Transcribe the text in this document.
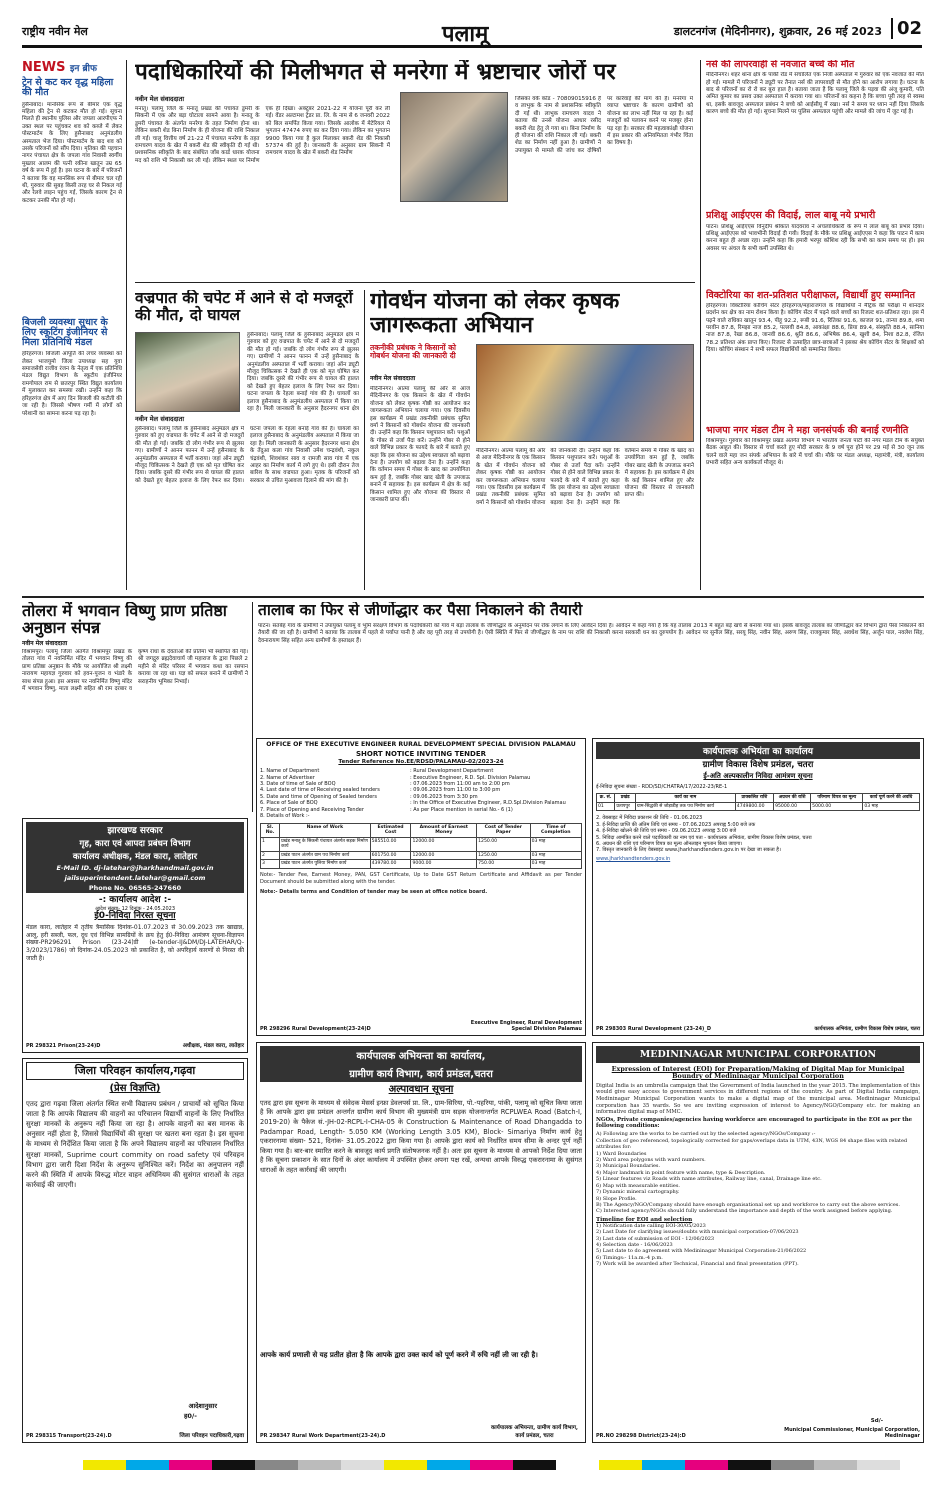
राष्ट्रीय नवीन मेल	पलामू	डालटनगंज (मेदिनीनगर), शुक्रवार, 26 मई 2023 02
NEWS इन ब्रीफ
ट्रेन से कट कर वृद्ध महिला की मौत
हुसैनाबाद। मानसिक रूप से बीमार एक वृद्ध महिला की ट्रेन से कटकर मौत हो गई। सूचना मिलते ही स्थानीय पुलिस और जपला आरपीएफ ने उक्त स्थल पर पहुंचकर शव को कब्जे में लेकर पोस्टमार्टम के लिए हुसैनाबाद अनुमंडलीय अस्पताल भेज दिया। पोस्टमार्टम के बाद शव को उसके परिजनों को सौंप दिया। मृतिका की पहचान नागर पंचायत क्षेत्र के जपला गांव निवासी स्वर्गीय मुख्तार आलम की पत्नी रकीना खातून उम्र 65 वर्ष के रूप में हुई है। इस घटना के बारे में परिजनों ने बताया कि वह मानसिक रूप से बीमार चल रही थी, गुरुवार की सुबह किसी तरह घर से निकल गई और रेलवे लाइन पहुंच गई, जिसके कारण ट्रेन से कटकर उनकी मौत हो गई।
बिजली व्यवस्था सुधार के लिए स्कूटिंग इंजीनियर से मिला प्रतिनिधि मंडल
हरिहरगंज। बिजली आपूर्ति की लचर व्यवस्था को लेकर भाजयुमो जिला उपाध्यक्ष सह युवा समाजसेवी राजीव रंजन के नेतृत्व में एक प्रतिनिधि मंडल विद्युत विभाग के स्कूटीय इंजीनियर रामगोपाल राम से छतरपुर स्थित विद्युत कार्यालय में मुलाकात कर समस्या रखी। उन्होंने कहा कि हरिहरगंज क्षेत्र में आए दिन बिजली की कटौती की जा रही है। जिससे भीषण गर्मी में लोगों को परेशानी का सामना करना पड़ रहा है।
पदाधिकारियों की मिलीभगत से मनरेगा में भ्रष्टाचार जोरों पर
नवीन मेल संवाददाता
मनातू। पलामू जिले के मनातू प्रखंड की पंचायत डुमरी के सिकनी में एक और बड़ा घोटाला सामने आया है। मनातू के डुमरी पंचायत के अंतर्गत मनरेगा के तहत निर्माण होना था। लेकिन बकरी शेड बिना निर्माण के ही योजना की राशि निकाल ली गई। चालू वित्तीय वर्ष 21-22 में पंचायत मनरेगा के तहत रामचरण यादव के खेत में बकरी शेड की स्वीकृति दी गई थी। प्रशासनिक स्वीकृति के बाद संबंधित जॉब कार्ड धारक योजना मद को राशि भी निकासी कर ली गई। लेकिन स्थल पर निर्माण एक ही दिखा। अक्टूबर 2021-22 में योजना पूरी कर ली गई। वेंडर अल्टामश ट्रेडर प्रा. लि. के नाम से 6 जनवरी 2022 को बिल समर्पित किया गया। जिसके आलोक में मेटेरियल मे भुगतान 47474 रुपए का कर दिया गया। लेकिन का भुगतान 9900 किया गया है कुल मिलाकर बकरी शेड की निकासी 57374 की हुई है। जानकारी के अनुसार ग्राम सिकनी में रामचरण यादव के खेत में बकरी शेड निर्माण
जिसका वर्क कोड - 70809015916 है व लाभुक के नाम से प्रशासनिक स्वीकृति दी गई थी। लाभुक रामचरण यादव ने बताया की उनसे योजना आधार रसीद बकरी शेड हेतु ले गया था। बिना निर्माण के ही योजना की राशि निकाल ली गई। बकरी शेड का निर्माण नहीं हुआ है। ग्रामीणों ने उपायुक्त से मामले की जांच कर दोषियों पर कार्रवाई की मांग की है। मनरेगा में व्याप्त भ्रष्टाचार के कारण ग्रामीणों को योजना का लाभ नहीं मिल पा रहा है। कई मजदूरों को पलायन करने पर मजबूर होना पड़ रहा है। सरकार की महत्वाकांक्षी योजना में इस प्रकार की अनियमितता गंभीर चिंता का विषय है।
नर्स की लापरवाही से नवजात बच्चे की मौत
मेदिनीनगर। शहर थाना क्षेत्र के पांकी रोड में संचालित एक निजी अस्पताल में गुरुवार को एक नवजात की मौत हो गई। मामले में परिजनों ने ड्यूटी पर तैनात नर्स की लापरवाही से मौत होने का आरोप लगाया है। घटना के बाद से परिजनों का रो रो कर बुरा हाल है। बताया जाता है कि पलामू जिले के पड़वा की अंजू कुमारी, पति अमित कुमार का प्रसव उक्त अस्पताल में कराया गया था। परिजनों का कहना है कि बच्चा पूरी तरह से स्वस्थ था, इसके बावजूद अस्पताल प्रबंधन ने बच्चे को आईसीयू में रखा। नर्स ने समय पर ध्यान नहीं दिया जिसके कारण बच्चे की मौत हो गई। सूचना मिलने पर पुलिस अस्पताल पहुंची और मामले की जांच में जुट गई है।
प्रशिक्षु आईएएस की विदाई, लाल बाबू नये प्रभारी
पाटन। प्रशिक्षु आईएएस विनुदीप श्रीकांत यादवराव ने अंचलाधिकारी के रूप में लाल बाबू को प्रभार दिया। प्रशिक्षु आईएएस को भावभीनी विदाई दी गयी। विदाई के मौके पर प्रशिक्षु आईएएस ने कहा कि पाटन में काम करना बहुत ही अच्छा रहा। उन्होंने कहा कि हमारी भरपूर कोशिश रही कि सभी का काम समय पर हो। इस अवसर पर अंचल के सभी कर्मी उपस्थित थे।
विक्टोरिया का शत-प्रतिशत परीक्षाफल, विद्यार्थी हुए सम्मानित
हरिहरगंज। विक्टोरिया कोचिंग सेंटर हरिहरगंज/महाराजगंज के विद्यार्थियों ने मैट्रिक की परीक्षा में शानदार प्रदर्शन कर क्षेत्र का नाम रोशन किया है। कोचिंग सेंटर में पढ़ने वाले बच्चों का रिजल्ट शत-प्रतिशत रहा। इस में पढ़ने वाले राधिका खातून 93.4, पीहू 92.2, रूबी 91.6, रितिका 91.6, काजल 91, तान्या 89.8, शमा परवीन 87.8, रिमझा नाज 85.2, पल्लवी 84.8, आकांक्षा 88.6, प्रिया 89.4, संस्कृति 88.4, सानिया नाज 87.8, रेखा 86.8, जानवी 86.6, श्रुति 86.6, अभिषेक 86.4, खुशी 84, निशा 82.8, रंजित 78.2 प्रतिशत अंक प्राप्त किए। रिजल्ट से उत्साहित छात्र-छात्राओं ने इसका श्रेय कोचिंग सेंटर के शिक्षकों को दिया। कोचिंग संस्थान ने सभी सफल विद्यार्थियों को सम्मानित किया।
भाजपा नगर मंडल टीम ने महा जनसंपर्क की बनाई रणनीति
विश्रामपुर। गुरुवार को विश्रामपुर प्रखंड अंतर्गत विभाग में भारतीय जनता पार्टी की नगर मंडल टीम के संयुक्त बैठक आहूत की। विस्तार से चर्चा करते हुए मोदी सरकार के 9 वर्ष पूरा होने पर 29 मई से 30 जून तक चलने वाले महा जन संपर्क अभियान के बारे में चर्चा की। मौके पर मंडल अध्यक्ष, महामंत्री, मंत्री, कार्यालय प्रभारी सहित अन्य कार्यकर्ता मौजूद थे।
वज्रपात की चपेट में आने से दो मजदूरों की मौत, दो घायल
हुसैनाबाद। पलामू जिले के हुसैनाबाद अनुमंडल क्षेत्र में गुरुवार को हुए वज्रपात के चपेट में आने से दो मजदूरों की मौत हो गई। जबकि दो लोग गंभीर रूप से झुलस गए। ग्रामीणों ने आनन फानन में उन्हें हुसैनाबाद के अनुमंडलीय अस्पताल में भर्ती कराया। जहां ऑन ड्यूटी मौजूद चिकित्सक ने देखते ही एक को मृत घोषित कर दिया। जबकि दूसरे की गंभीर रूप से घायल की हालत को देखते हुए बेहतर इलाज के लिए रेफर कर दिया। घटना जपला के रेहला बनाई गांव की है। घायलों का इलाज हुसैनाबाद के अनुमंडलीय अस्पताल में किया जा रहा है। मिली जानकारी के अनुसार हैदरनगर थाना क्षेत्र
नवीन मेल संवाददाता
हुसैनाबाद। पलामू जिले के हुसैनाबाद अनुमंडल क्षेत्र में गुरुवार को हुए वज्रपात के चपेट में आने से दो मजदूरों की मौत हो गई। जबकि दो लोग गंभीर रूप से झुलस गए। ग्रामीणों ने आनन फानन में उन्हें हुसैनाबाद के अनुमंडलीय अस्पताल में भर्ती कराया। जहां ऑन ड्यूटी मौजूद चिकित्सक ने देखते ही एक को मृत घोषित कर दिया। जबकि दूसरे की गंभीर रूप से घायल की हालत को देखते हुए बेहतर इलाज के लिए रेफर कर दिया। घटना जपला के रेहला बनाई गांव की है। घायलों का इलाज हुसैनाबाद के अनुमंडलीय अस्पताल में किया जा रहा है। मिली जानकारी के अनुसार हैदरनगर थाना क्षेत्र के तेंदुआ कला गांव निवासी उमेश चन्द्रवंशी, नकुल चंद्रवंशी, शिवशंकर साव व रामजी साव गांव में एक आहर का निर्माण कार्य में लगे हुए थे। इसी दौरान तेज बारिश के साथ वज्रपात हुआ। मृतक के परिजनों को सरकार से उचित मुआवजा दिलाने की मांग की है।
गोवर्धन योजना को लेकर कृषक जागरूकता अभियान
तकनीकी प्रबंधक ने किसानों को गोबर्धन योजना की जानकारी दी
नवीन मेल संवाददाता
मेदिनीनगर। आत्मा पलामू की ओर से आज मेदिनीनगर के एक किसान के खेत में गोवर्धन योजना को लेकर कृषक गोष्ठी का आयोजन कर जागरूकता अभियान चलाया गया। एक दिवसीय इस कार्यक्रम में प्रखंड तकनीकी प्रबंधक सुमित वर्मा ने किसानों को गोबर्धन योजना की जानकारी दी। उन्होंने कहा कि किसान पशुपालन करें। पशुओं के गोबर से उर्जा पैदा करें। उन्होंने गोबर से होने वाले विभिन्न प्रकार के फायदे के बारे में बताते हुए कहा कि इस योजना का उद्देश्य स्वच्छता को बढ़ावा देना है। उपयोग को बढ़ावा देना है। उन्होंने कहा कि वर्तमान समय में गोबर के खाद का उपयोगिता कम हुई है, जबकि गोबर खाद खेती के उपजाऊ बनाने में सहायक है। इस कार्यक्रम में क्षेत्र के कई किसान शामिल हुए और योजना की विस्तार से जानकारी प्राप्त की।
मेदिनीनगर। आत्मा पलामू की ओर से आज मेदिनीनगर के एक किसान के खेत में गोवर्धन योजना को लेकर कृषक गोष्ठी का आयोजन कर जागरूकता अभियान चलाया गया। एक दिवसीय इस कार्यक्रम में प्रखंड तकनीकी प्रबंधक सुमित वर्मा ने किसानों को गोबर्धन योजना की जानकारी दी। उन्होंने कहा कि किसान पशुपालन करें। पशुओं के गोबर से उर्जा पैदा करें। उन्होंने गोबर से होने वाले विभिन्न प्रकार के फायदे के बारे में बताते हुए कहा कि इस योजना का उद्देश्य स्वच्छता को बढ़ावा देना है। उपयोग को बढ़ावा देना है। उन्होंने कहा कि वर्तमान समय में गोबर के खाद का उपयोगिता कम हुई है, जबकि गोबर खाद खेती के उपजाऊ बनाने में सहायक है। इस कार्यक्रम में क्षेत्र के कई किसान शामिल हुए और योजना की विस्तार से जानकारी प्राप्त की।
तोलरा में भगवान विष्णु प्राण प्रतिष्ठा अनुष्ठान संपन्न
नवीन मेल संवाददाता
विश्रामपुर। पलामू जिला अंतर्गत विश्रामपुर प्रखंड के तोलरा गांव में नवनिर्मित मंदिर में भगवान विष्णु की प्राण प्रतिष्ठा अनुष्ठान के मौके पर आयोजित श्री लक्ष्मी नारायण महायज्ञ गुरुवार को हवन-पूजन व भंडारे के साथ संपन्न हुआ। इस अवसर पर नवनिर्मित विष्णु मंदिर में भगवान विष्णु, माता लक्ष्मी सहित श्री राम दरबार व कृष्ण राधा के देवताओं की प्रतिमा भी स्थापित की गई। श्री जगद्गुरु ब्रह्मदेवाचार्य जी महाराज के द्वारा पिछले 2 महीने से मंदिर परिसर में भगवान कथा का रसपान कराया जा रहा था। यज्ञ को सफल बनाने में ग्रामीणों ने सराहनीय भूमिका निभाई।
तालाब का फिर से जीर्णोद्धार कर पैसा निकालने की तैयारी
पाटन। सतबेह गांव के ग्रामीणों ने उपायुक्त पलामू व भूमि संरक्षण विभाग के पदाधिकारी को गांव में बड़ा तालाब के जीर्णोद्धार के अनुमोदन पर रोक लगाने के लिए आवेदन दिया है। आवेदन में कहा गया है कि यह तालाब 2013 में बहुत बड़े खर्च से बनाया गया था। इसके बावजूद तालाब का जीर्णोद्धार कर विभाग द्वारा पैसा निकालने की तैयारी की जा रही है। ग्रामीणों ने बताया कि तालाब में पहले से पर्याप्त पानी है और वह पूरी तरह से उपयोगी है। ऐसी स्थिति में फिर से जीर्णोद्धार के नाम पर राशि की निकासी करना सरकारी धन का दुरुपयोग है। आवेदन पर सुनील सिंह, सरयू सिंह, नवीन सिंह, अरुण सिंह, राजकुमार सिंह, अवधेश सिंह, अर्जुन पाल, नवलेश सिंह, देवनारायण सिंह सहित अन्य ग्रामीणों के हस्ताक्षर हैं।
OFFICE OF THE EXECUTIVE ENGINEER RURAL DEVELOPMENT SPECIAL DIVISION PALAMAU
SHORT NOTICE INVITING TENDER
Tender Reference No.EE/RDSD/PALAMAU-02/2023-24
1. Name of Department	: Rural Development Department
2. Name of Advertiser	: Executive Engineer, R.D. Spl. Division Palamau
3. Date of time of Sale of BOQ	: 07.06.2023 from 11:00 am to 2:00 pm
4. Last date of time of Receiving sealed tenders	: 09.06.2023 from 11:00 to 3:00 pm
5. Date and time of Opening of Sealed tenders	: 09.06.2023 from 3:30 pm
6. Place of Sale of BOQ	: In the Office of Executive Engineer, R.D.Spl.Division Palamau
7. Place of Opening and Receiving Tender	: As per Place mention in serial No.- 6 (1)
8. Details of Work :-
Sl. No.	Name of Work	Estimated Cost	Amount of Earnest Money	Cost of Tender Paper	Time of Completion
1	प्रखंड मनातू के सिकनी पंचायत अंतर्गत सड़क निर्माण कार्य	585510.00	12000.00	1250.00	03 माह
2	प्रखंड पाटन अंतर्गत ग्राम पथ निर्माण कार्य	601750.00	12000.00	1250.00	03 माह
3	प्रखंड पाटन अंतर्गत पुलिया निर्माण कार्य	439780.00	9000.00	750.00	03 माह
Note:- Tender Fee, Earnest Money, PAN, GST Certificate, Up to Date GST Return Certificate and Affidavit as per Tender Document should be submitted along with the tender.
Note:- Details terms and Condition of tender may be seen at office notice board.
PR 298296 Rural Development(23-24)D
Executive Engineer, Rural Development Special Division Palamau
कार्यपालक अभियंता का कार्यालय
ग्रामीण विकास विशेष प्रमंडल, चतरा
ई-अति अल्पकालीन निविदा आमंत्रण सूचना
ई-निविदा सूचना संख्या - RDD/SD/CHATRA/17/2022-23/RE-1
क्र. सं.	प्रखंड	कार्य का नाम	प्राक्कलित राशि	अग्रधन की राशि	परिमाण विपत्र का मूल्य	कार्य पूर्ण करने की अवधि
01	प्रतापपुर	ग्राम-सिद्धकी से जोड़ाडीह तक पथ निर्माण कार्य	4749800.00	95000.00	5000.00	03 माह
2. वेबसाइट में निविदा प्रकाशन की तिथि - 01.06.2023
3. ई-निविदा प्राप्ति की अंतिम तिथि एवं समय - 07.06.2023 अपराह्न 5:00 बजे तक
4. ई-निविदा खोलने की तिथि एवं समय - 09.06.2023 अपराह्न 3:00 बजे
5. निविदा आमंत्रित करने वाले पदाधिकारी का नाम एवं पता - कार्यपालक अभियंता, ग्रामीण विकास विशेष प्रमंडल, चतरा
6. अग्रधन की राशि एवं परिमाण विपत्र का मूल्य ऑनलाइन भुगतान किया जाएगा।
7. विस्तृत जानकारी के लिए वेबसाइट www.jharkhandtenders.gov.in पर देखा जा सकता है।
www.jharkhandtenders.gov.in
PR 298303 Rural Development (23-24)_D	कार्यपालक अभियंता, ग्रामीण विकास विशेष प्रमंडल, चतरा
झारखण्ड सरकार
गृह, कारा एवं आपदा प्रबंधन विभाग
कार्यालय अधीक्षक, मंडल कारा, लातेहार
E-Mail ID. dj-latehar@jharkhandmail.gov.in
jailsuperintendent.latehar@gmail.com
Phone No. 06565-247660
-: कार्यालय आदेश :-
आदेश संख्या- 12 दिनांक - 24.05.2023
ई0-निविदा निरस्त सूचना
मंडल कारा, लातेहार में तृतीय त्रैमासिक दिनांक-01.07.2023 से 30.09.2023 तक खाद्यान्न, आलू, हरी सब्जी, फल, दूध एवं विभिन्न सामग्रियों के क्रय हेतु ई0-निविदा आमंत्रण सूचना-विज्ञापन संख्या-PR296291 Prison (23-24)डी (e-tender-IJ&DM/DJ-LATEHAR/Q-3/2023/1786) जो दिनांक-24.05.2023 को प्रकाशित है, को अपरिहार्य कारणों से निरस्त की जाती है।
PR 298321 Prison(23-24)D	अधीक्षक, मंडल कारा, लातेहार
जिला परिवहन कार्यालय,गढ़वा
(प्रेस विज्ञप्ति)
एतद द्वारा गढ़वा जिला अंतर्गत स्थित सभी विद्यालय प्रबंधन / प्राचार्यो को सूचित किया जाता है कि आपके विद्यालय की वाहनों का परिचालन विद्यार्थी वाहनों के लिए निर्धारित सुरक्षा मानकों के अनुरूप नहीं किया जा रहा है। आपके वाहनों का बस मानक के अनुसार नहीं होता है, जिससे विद्यार्थियों की सुरक्षा पर खतरा बना रहता है। इस सूचना के माध्यम से निर्देशित किया जाता है कि अपने विद्यालय वाहनों का परिचालन निर्धारित सुरक्षा मानकों, Suprime court commity on road safety एवं परिवहन विभाग द्वारा जारी दिशा निर्देश के अनुरूप सुनिश्चित करें। निर्देश का अनुपालन नहीं करने की स्थिति में आपके विरुद्ध मोटर वाहन अधिनियम की सुसंगत धाराओं के तहत कार्रवाई की जाएगी।
आदेशानुसार
ह0/-
PR 298315 Transport(23-24).D	जिला परिवहन पदाधिकारी,गढ़वा
कार्यपालक अभियन्ता का कार्यालय,
ग्रामीण कार्य विभाग, कार्य प्रमंडल,चतरा
अल्पावधान सूचना
एतद द्वारा इस सूचना के माध्यम से संवेदक मेसर्स इन्फ्रा डेवलपर्स प्रा. लि., ग्राम-सिरिया, पो.-पहरिया, पांकी, पलामू को सूचित किया जाता है कि आपके द्वारा इस प्रमंडल अन्तर्गत ग्रामीण कार्य विभाग की मुख्यमंत्री ग्राम सड़क योजनान्तर्गत RCPLWEA Road (Batch-I, 2019-20) के पैकेज सं.-JH-02-RCPL-I-CHA-05 के Construction & Maintenance of Road Dhangadda to Padampar Road, Length- 5.050 KM (Working Length 3.05 KM), Block- Simariya निर्माण कार्य हेतु एकरारनामा संख्या- 521, दिनांक- 31.05.2022 द्वारा किया गया है। आपके द्वारा कार्य को निर्धारित समय सीमा के अन्दर पूर्ण नहीं किया गया है। बार-बार स्मारित करने के बावजूद कार्य प्रगति संतोषजनक नहीं है। अतः इस सूचना के माध्यम से आपको निर्देश दिया जाता है कि सूचना प्रकाशन के सात दिनों के अंदर कार्यालय में उपस्थित होकर अपना पक्ष रखें, अन्यथा आपके विरुद्ध एकरारनामा के सुसंगत धाराओं के तहत कार्रवाई की जाएगी।
आपके कार्य प्रणाली से यह प्रतीत होता है कि आपके द्वारा उक्त कार्य को पूर्ण करने में रुचि नहीं ली जा रही है।
PR 298347 Rural Work Department(23-24).D
कार्यपालक अभियन्ता, ग्रामीण कार्य विभाग, कार्य प्रमंडल, चतरा
MEDININAGAR MUNICIPAL CORPORATION
Expression of Interest (EOI) for Preparation/Making of Digital Map for Municipal Boundry of Medininagar Municipal Corporation
Digital India is an umbrella campaign that the Government of India launched in the year 2015. The implementation of this would give easy access to government services in different regions of the country. As part of Digital India campaign, Medininagar Municipal Corporation wants to make a digital map of the municipal area. Medininagar Municipal corporation has 35 wards. So we are inviting expression of interest to Agency/NGO/Company etc. for making an informative digital map of MMC.
NGOs, Private companies/agencies having workforce are encouraged to participate in the EOI as per the following conditions:
A) Following are the works to be carried out by the selected agency/NGOs/Company :-
Collection of geo referenced, topologically corrected for gaps/overlaps data in UTM, 43N, WGS 84 shape files with related attributes for:
1) Ward Boundaries
2) Ward area polygons with ward numbers.
3) Municipal Boundaries.
4) Major landmark in point feature with name, type & Description.
5) Linear features viz Roads with name attributes, Railway line, canal, Drainage line etc.
6) Map with measurable entities.
7) Dynamic mineral cartography.
8) Slope Profile.
B) The Agency/NGO/Company should have enough organisational set up and workforce to carry out the above services.
C) Interested agency/NGOs should fully understand the importance and depth of the work assigned before applying.
Timeline for EOI and selection
1) Notification date calling EOI-30/05/2023
2) Last Date for clarifying issues/doubts with municipal corporation-07/06/2023
3) Last date of submission of EOI - 12/06/2023
4) Selection date - 16/06/2023
5) Last date to do agreement with Medininagar Municipal Corporation-21/06/2022
6) Timings:- 11a.m.-4 p.m.
7) Work will be awarded after Technical, Financial and final presentation (PPT).
Sd/-
PR.NO 298298 District(23-24):D
Municipal Commissioner, Municipal Corporation, Medininagar
